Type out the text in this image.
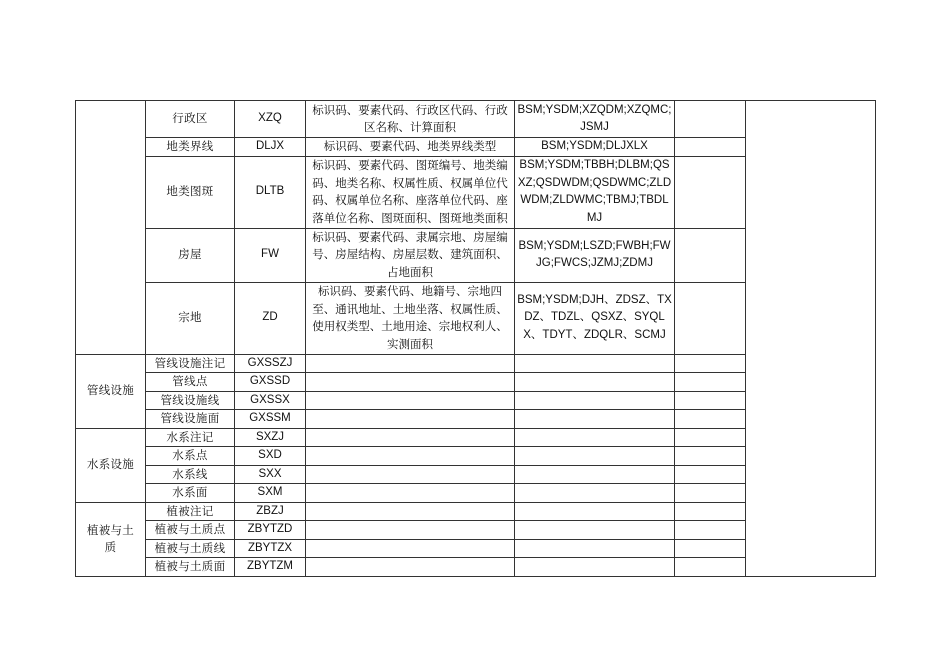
	行政区	XZQ	标识码、要素代码、行政区代码、行政区名称、计算面积	BSM;YSDM;XZQDM;XZQMC;JSMJ		
	地类界线	DLJX	标识码、要素代码、地类界线类型	BSM;YSDM;DLJXLX		
	地类图斑	DLTB	标识码、要素代码、图斑编号、地类编码、地类名称、权属性质、权属单位代码、权属单位名称、座落单位代码、座落单位名称、图斑面积、图斑地类面积	BSM;YSDM;TBBH;DLBM;QSXZ;QSDWDM;QSDWMC;ZLDWDM;ZLDWMC;TBMJ;TBDLMJ		
	房屋	FW	标识码、要素代码、隶属宗地、房屋编号、房屋结构、房屋层数、建筑面积、占地面积	BSM;YSDM;LSZD;FWBH;FWJG;FWCS;JZMJ;ZDMJ		
	宗地	ZD	标识码、要素代码、地籍号、宗地四至、通讯地址、土地坐落、权属性质、使用权类型、土地用途、宗地权利人、实测面积	BSM;YSDM;DJH、ZDSZ、TXDZ、TDZL、QSXZ、SYQLX、TDYT、ZDQLR、SCMJ		
管线设施	管线设施注记	GXSSZJ				
	管线点	GXSSD				
	管线设施线	GXSSX				
	管线设施面	GXSSM				
水系设施	水系注记	SXZJ				
	水系点	SXD				
	水系线	SXX				
	水系面	SXM				
植被与土质	植被注记	ZBZJ				
	植被与土质点	ZBYTZD				
	植被与土质线	ZBYTZX				
	植被与土质面	ZBYTZM				
